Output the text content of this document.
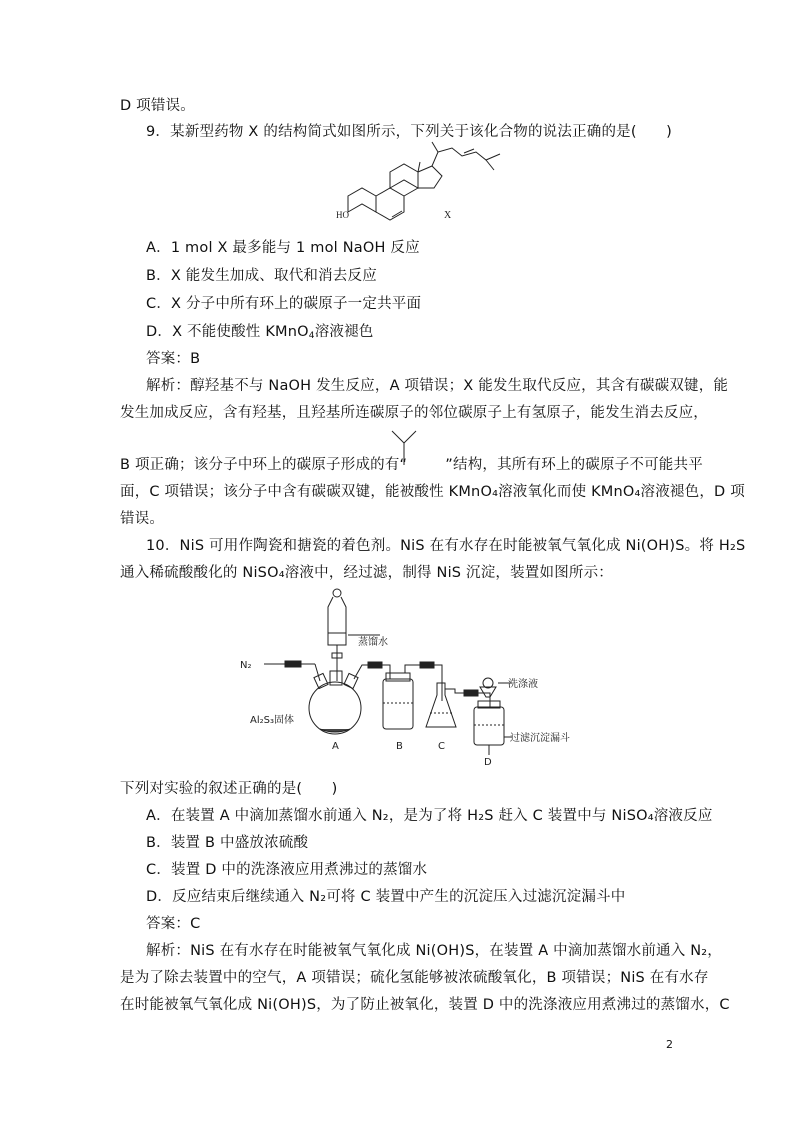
D 项错误。
9．某新型药物 X 的结构简式如图所示，下列关于该化合物的说法正确的是(　　)
HO	X
A．1 mol X 最多能与 1 mol NaOH 反应
B．X 能发生加成、取代和消去反应
C．X 分子中所有环上的碳原子一定共平面
D．X 不能使酸性 KMnO4溶液褪色
答案：B
解析：醇羟基不与 NaOH 发生反应，A 项错误；X 能发生取代反应，其含有碳碳双键，能
发生加成反应，含有羟基，且羟基所连碳原子的邻位碳原子上有氢原子，能发生消去反应，
B 项正确；该分子中环上的碳原子形成的有“	”结构，其所有环上的碳原子不可能共平
面，C 项错误；该分子中含有碳碳双键，能被酸性 KMnO₄溶液氧化而使 KMnO₄溶液褪色，D 项
错误。
10．NiS 可用作陶瓷和搪瓷的着色剂。NiS 在有水存在时能被氧气氧化成 Ni(OH)S。将 H₂S
通入稀硫酸酸化的 NiSO₄溶液中，经过滤，制得 NiS 沉淀，装置如图所示：
蒸馏水
N₂
Al₂S₃固体
A	B	C
D
洗涤液
过滤沉淀漏斗
下列对实验的叙述正确的是(　　)
A．在装置 A 中滴加蒸馏水前通入 N₂，是为了将 H₂S 赶入 C 装置中与 NiSO₄溶液反应
B．装置 B 中盛放浓硫酸
C．装置 D 中的洗涤液应用煮沸过的蒸馏水
D．反应结束后继续通入 N₂可将 C 装置中产生的沉淀压入过滤沉淀漏斗中
答案：C
解析：NiS 在有水存在时能被氧气氧化成 Ni(OH)S，在装置 A 中滴加蒸馏水前通入 N₂，
是为了除去装置中的空气，A 项错误；硫化氢能够被浓硫酸氧化，B 项错误；NiS 在有水存
在时能被氧气氧化成 Ni(OH)S，为了防止被氧化，装置 D 中的洗涤液应用煮沸过的蒸馏水，C
2
